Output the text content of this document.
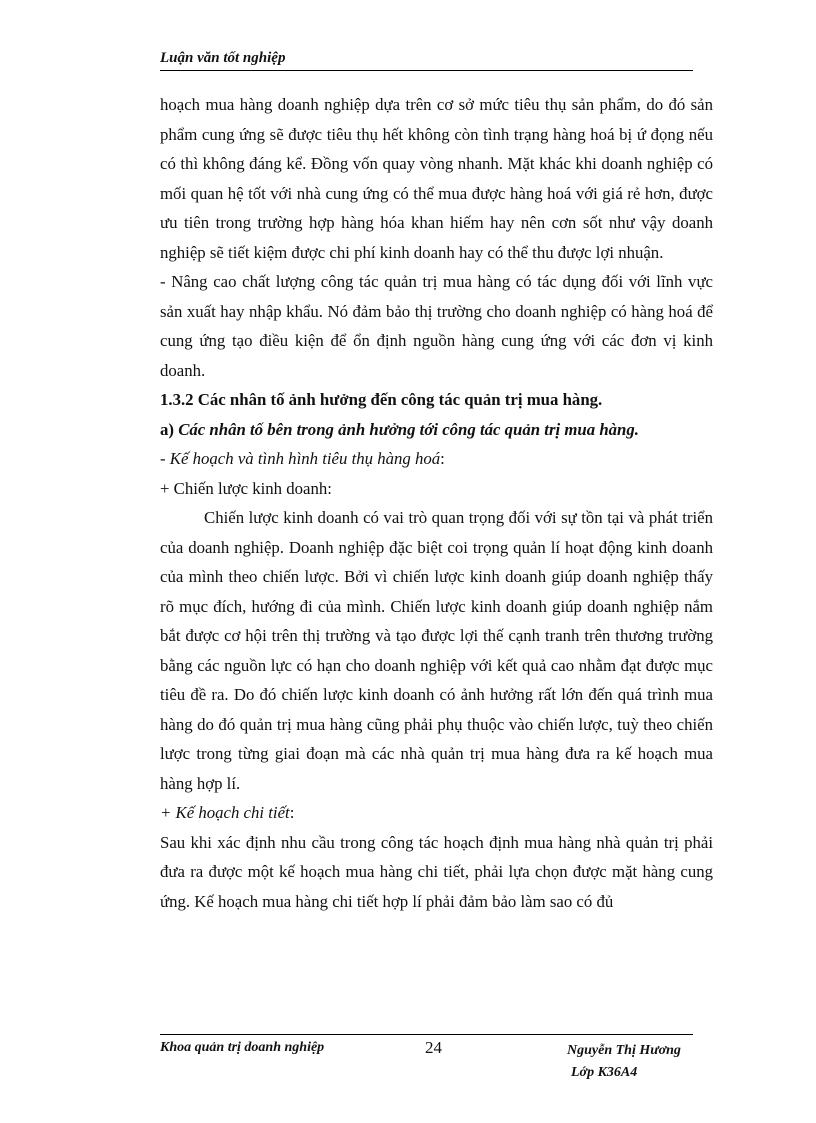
Luận văn tốt nghiệp

hoạch mua hàng doanh nghiệp dựa trên cơ sở mức tiêu thụ sản phẩm, do đó sản phẩm cung ứng sẽ được tiêu thụ hết không còn tình trạng hàng hoá bị ứ đọng nếu có thì không đáng kể. Đồng vốn quay vòng nhanh. Mặt khác khi doanh nghiệp có mối quan hệ tốt với nhà cung ứng có thể mua được hàng hoá với giá rẻ hơn, được ưu tiên trong trường hợp hàng hóa khan hiếm hay nên cơn sốt như vậy doanh nghiệp sẽ tiết kiệm được chi phí kinh doanh hay có thể thu được lợi nhuận.

- Nâng cao chất lượng công tác quản trị mua hàng có tác dụng đối với lĩnh vực sản xuất hay nhập khẩu. Nó đảm bảo thị trường cho doanh nghiệp có hàng hoá để cung ứng tạo điều kiện để ổn định nguồn hàng cung ứng với các đơn vị kinh doanh.

1.3.2 Các nhân tố ảnh hưởng đến công tác quản trị mua hàng.

a) Các nhân tố bên trong ảnh hưởng tới công tác quản trị mua hàng.

- Kế hoạch và tình hình tiêu thụ hàng hoá:

+ Chiến lược kinh doanh:

Chiến lược kinh doanh có vai trò quan trọng đối với sự tồn tại và phát triển của doanh nghiệp. Doanh nghiệp đặc biệt coi trọng quản lí hoạt động kinh doanh của mình theo chiến lược. Bởi vì chiến lược kinh doanh giúp doanh nghiệp thấy rõ mục đích, hướng đi của mình. Chiến lược kinh doanh giúp doanh nghiệp nắm bắt được cơ hội trên thị trường và tạo được lợi thế cạnh tranh trên thương trường bằng các nguồn lực có hạn cho doanh nghiệp với kết quả cao nhằm đạt được mục tiêu đề ra. Do đó chiến lược kinh doanh có ảnh hưởng rất lớn đến quá trình mua hàng do đó quản trị mua hàng cũng phải phụ thuộc vào chiến lược, tuỳ theo chiến lược trong từng giai đoạn mà các nhà quản trị mua hàng đưa ra kế hoạch mua hàng hợp lí.

+ Kế hoạch chi tiết:

Sau khi xác định nhu cầu trong công tác hoạch định mua hàng nhà quản trị phải đưa ra được một kế hoạch mua hàng chi tiết, phải lựa chọn được mặt hàng cung ứng. Kế hoạch mua hàng chi tiết hợp lí phải đảm bảo làm sao có đủ

Khoa quản trị doanh nghiệp	24	Nguyễn Thị Hương
Lớp K36A4
